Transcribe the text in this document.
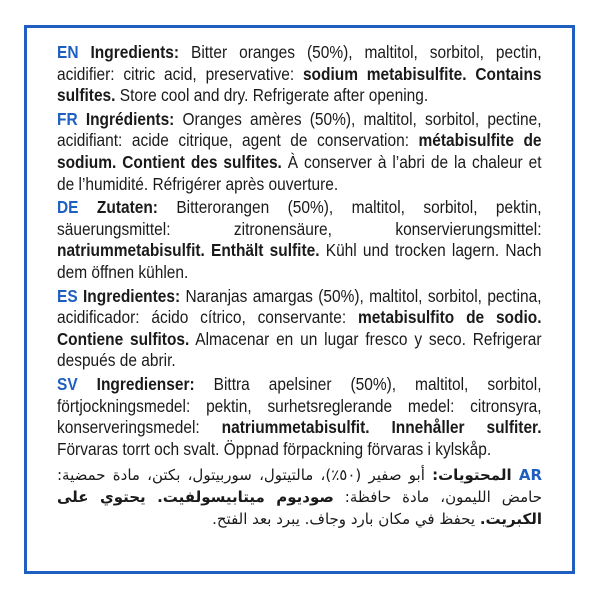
EN Ingredients: Bitter oranges (50%), maltitol, sorbitol, pectin, acidifier: citric acid, preservative: sodium metabisulfite. Contains sulfites. Store cool and dry. Refrigerate after opening.

FR Ingrédients: Oranges amères (50%), maltitol, sorbitol, pectine, acidifiant: acide citrique, agent de conservation: métabisulfite de sodium. Contient des sulfites. À conserver à l’abri de la chaleur et de l’humidité. Réfrigérer après ouverture.

DE Zutaten: Bitterorangen (50%), maltitol, sorbitol, pektin, säuerungsmittel: zitronensäure, konservierungsmittel: natriummetabisulfit. Enthält sulfite. Kühl und trocken lagern. Nach dem öffnen kühlen.

ES Ingredientes: Naranjas amargas (50%), maltitol, sorbitol, pectina, acidificador: ácido cítrico, conservante: metabisulfito de sodio. Contiene sulfitos. Almacenar en un lugar fresco y seco. Refrigerar después de abrir.

SV Ingredienser: Bittra apelsiner (50%), maltitol, sorbitol, förtjockningsmedel: pektin, surhetsreglerande medel: citronsyra, konserveringsmedel: natriummetabisulfit. Innehåller sulfiter. Förvaras torrt och svalt. Öppnad förpackning förvaras i kylskåp.

AR المحتويات: أبو صفير (٥٠٪)، مالتيتول، سوربيتول، بكتن، مادة حمضية: حامض الليمون، مادة حافظة: صوديوم ميتابيسولفيت. يحتوي على الكبريت. يحفظ في مكان بارد وجاف. يبرد بعد الفتح.
